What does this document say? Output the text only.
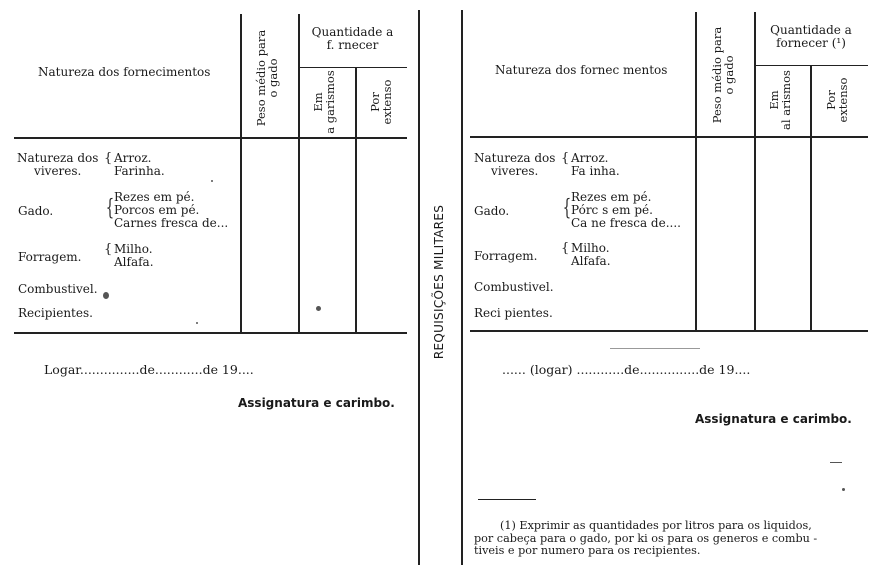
Natureza dos fornecimentos	Peso médio para
o gado
Quantidade a
f. rnecer
Em
a garismos	Por
extenso
Natureza dos
viveres.
{ Arroz.
Farinha.
Gado. { Rezes em pé.
Porcos em pé.
Carnes fresca de...
Forragem. { Milho.
Alfafa.
Combustivel.
Recipientes.
Logar...............de............de 19....
Assignatura e carimbo.
REQUISIÇÕES MILITARES
Natureza dos fornec mentos	Peso médio para
o gado
Quantidade a
fornecer (¹)
Em
al arismos	Por
extenso
Natureza dos
viveres.
{ Arroz.
Fa inha.
Gado. { Rezes em pé.
Pórc s em pé.
Ca ne fresca de....
Forragem. { Milho.
Alfafa.
Combustivel.
Reci pientes.
...... (logar) ............de...............de 19....
Assignatura e carimbo.
(1) Exprimir as quantidades por litros para os liquidos,
por cabeça para o gado, por ki os para os generos e combu -
tiveis e por numero para os recipientes.
